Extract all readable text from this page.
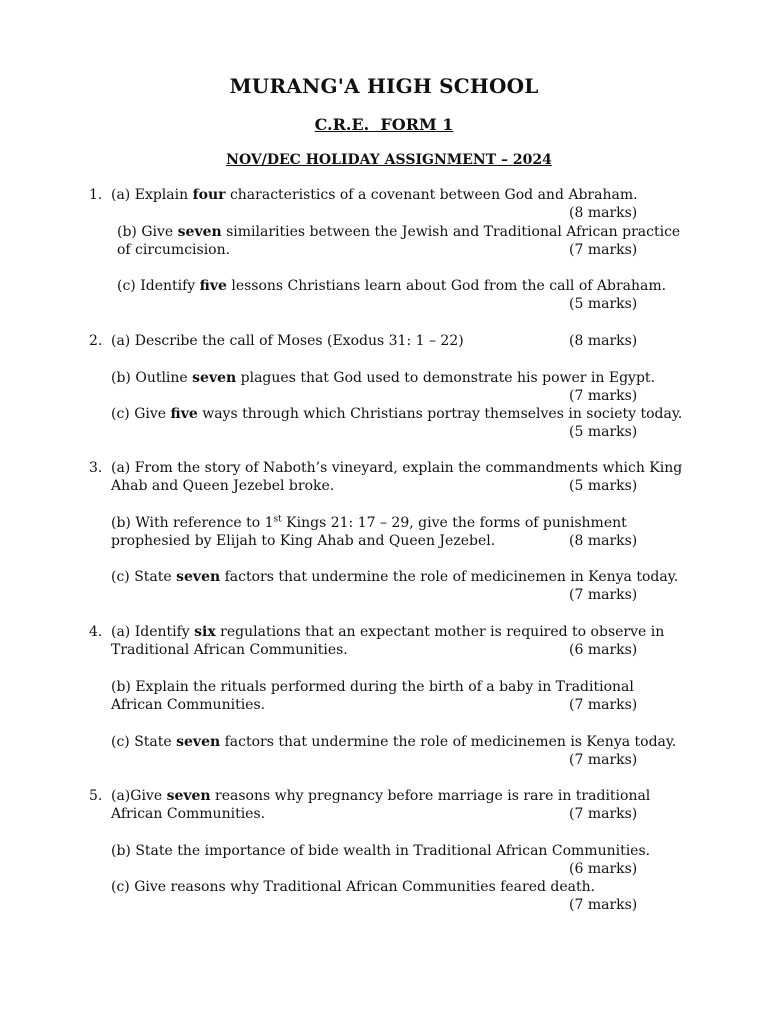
MURANG'A HIGH SCHOOL
C.R.E.  FORM 1
NOV/DEC HOLIDAY ASSIGNMENT – 2024
1. (a) Explain four characteristics of a covenant between God and Abraham.
(8 marks)
(b) Give seven similarities between the Jewish and Traditional African practice
of circumcision.	(7 marks)
(c) Identify five lessons Christians learn about God from the call of Abraham.
(5 marks)
2. (a) Describe the call of Moses (Exodus 31: 1 – 22)	(8 marks)
(b) Outline seven plagues that God used to demonstrate his power in Egypt.
(7 marks)
(c) Give five ways through which Christians portray themselves in society today.
(5 marks)
3. (a) From the story of Naboth’s vineyard, explain the commandments which King
Ahab and Queen Jezebel broke.	(5 marks)
(b) With reference to 1st Kings 21: 17 – 29, give the forms of punishment
prophesied by Elijah to King Ahab and Queen Jezebel.	(8 marks)
(c) State seven factors that undermine the role of medicinemen in Kenya today.
(7 marks)
4. (a) Identify six regulations that an expectant mother is required to observe in
Traditional African Communities.	(6 marks)
(b) Explain the rituals performed during the birth of a baby in Traditional
African Communities.	(7 marks)
(c) State seven factors that undermine the role of medicinemen is Kenya today.
(7 marks)
5. (a)Give seven reasons why pregnancy before marriage is rare in traditional
African Communities.	(7 marks)
(b) State the importance of bide wealth in Traditional African Communities.
(6 marks)
(c) Give reasons why Traditional African Communities feared death.
(7 marks)
